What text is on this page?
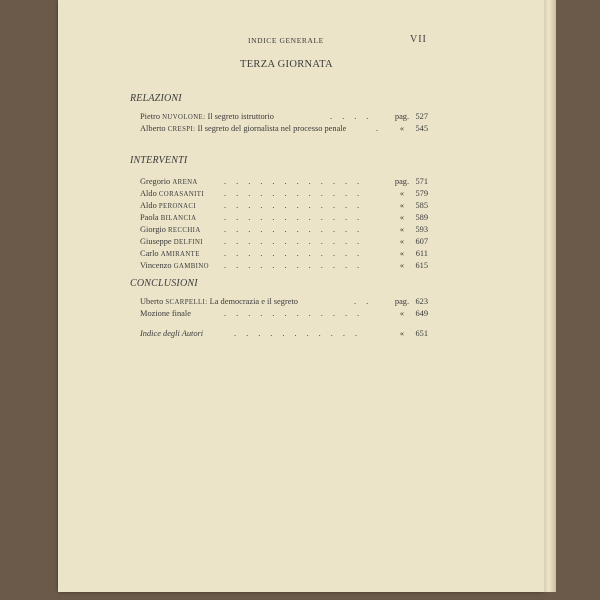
INDICE GENERALE	VII
TERZA GIORNATA
RELAZIONI
Pietro NUVOLONE: Il segreto istruttorio	.... pag. 527
Alberto CRESPI: Il segreto del giornalista nel processo penale	.	«	545
INTERVENTI
Gregorio ARENA	............	pag. 571
Aldo CORASANITI ............	«	579
Aldo PERONACI	............	«	585
Paola BILANCIA	............	«	589
Giorgio RECCHIA	............	«	593
Giuseppe DELFINI	............	«	607
Carlo AMIRANTE	............	«	611
Vincenzo GAMBINO ............	«	615
CONCLUSIONI
Uberto SCARPELLI: La democrazia e il segreto	.. pag. 623
Mozione finale	............	«	649
Indice degli Autori	...........	«	651
